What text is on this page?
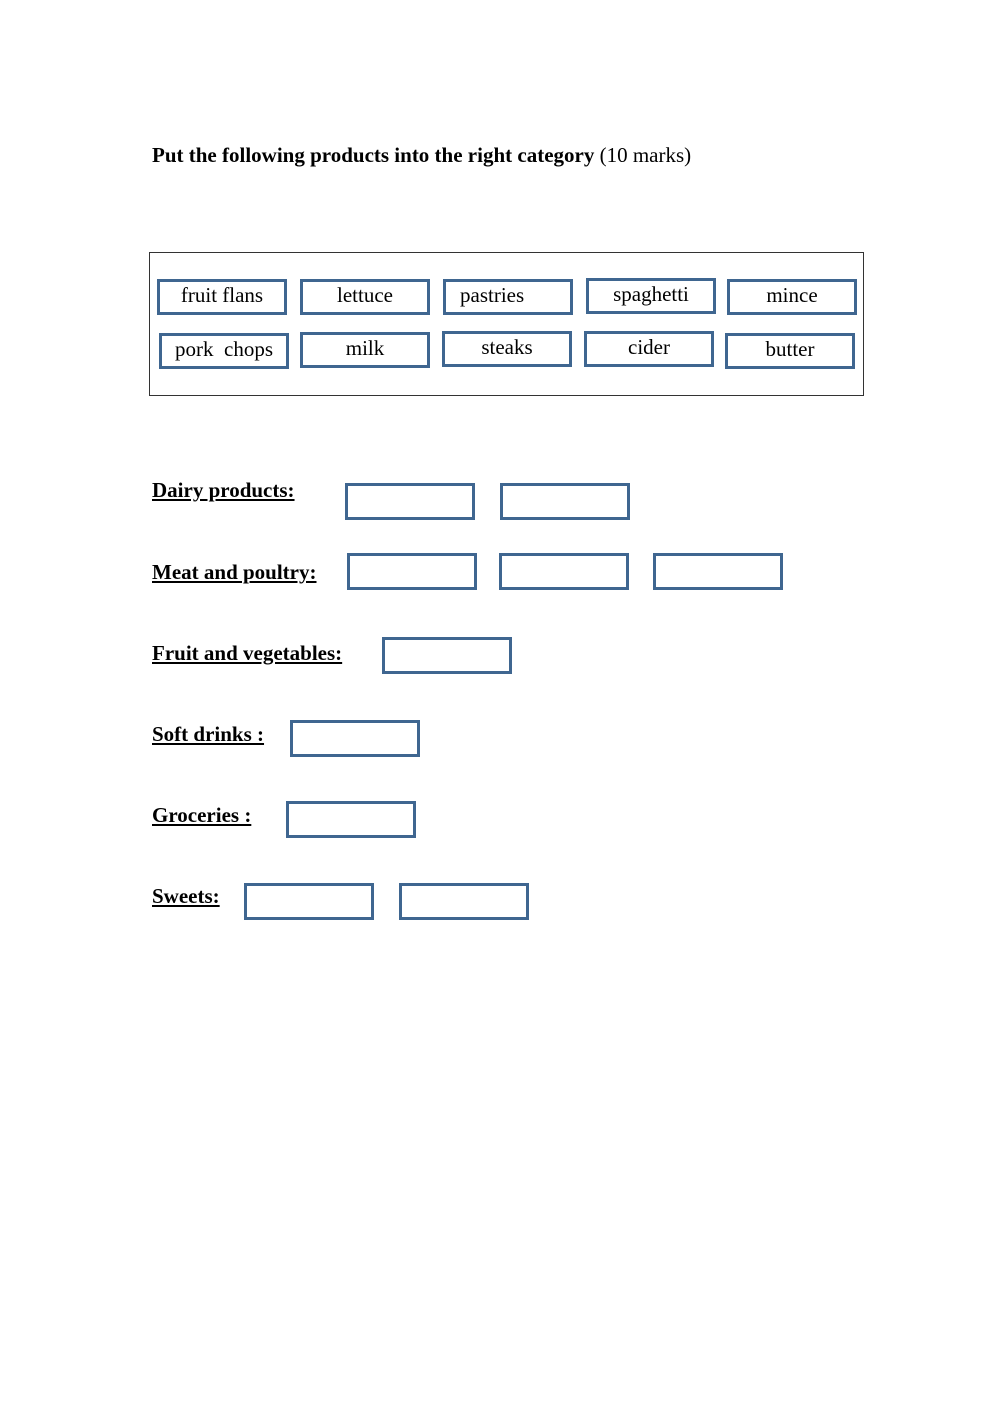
Put the following products into the right category (10 marks)
fruit flans	lettuce	pastries	spaghetti	mince
pork  chops	milk	steaks	cider	butter
Dairy products:
Meat and poultry:
Fruit and vegetables:
Soft drinks :
Groceries :
Sweets:
